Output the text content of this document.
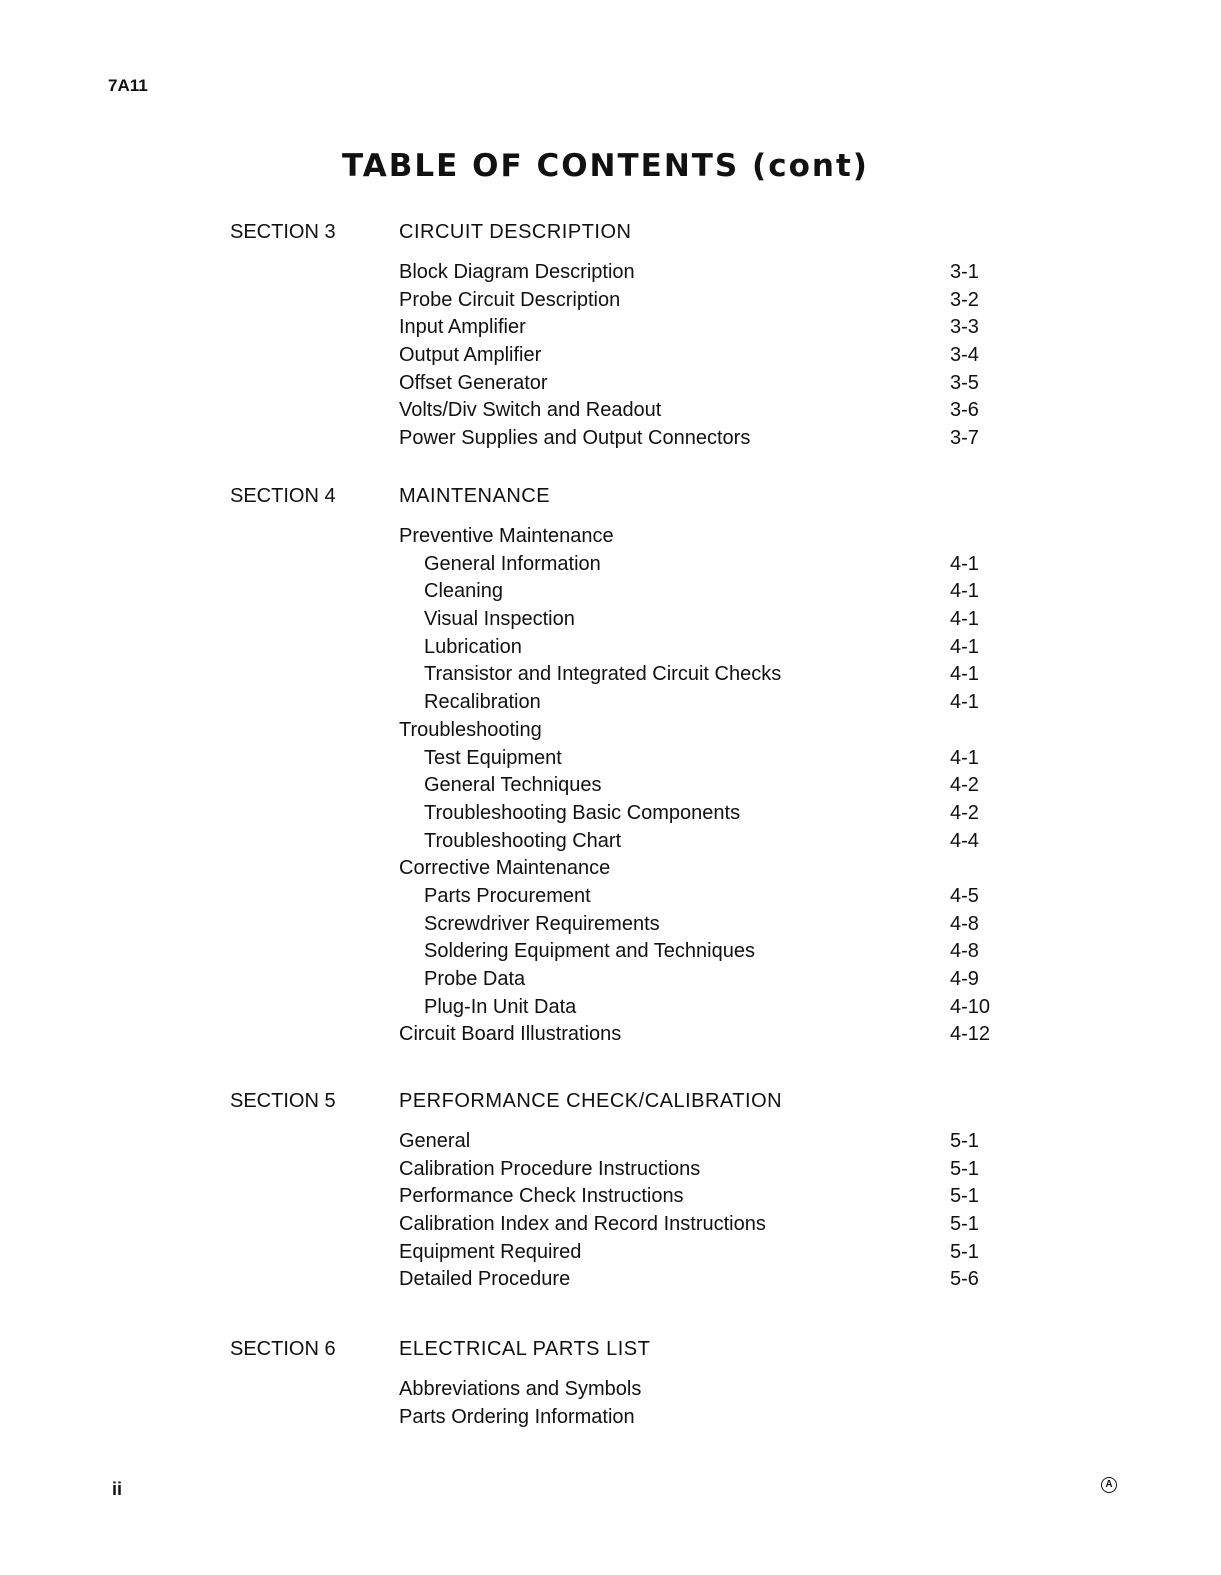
7A11
TABLE OF CONTENTS (cont)
SECTION 3	CIRCUIT DESCRIPTION
Block Diagram Description	3-1
Probe Circuit Description	3-2
Input Amplifier	3-3
Output Amplifier	3-4
Offset Generator	3-5
Volts/Div Switch and Readout	3-6
Power Supplies and Output Connectors	3-7
SECTION 4	MAINTENANCE
Preventive Maintenance
General Information	4-1
Cleaning	4-1
Visual Inspection	4-1
Lubrication	4-1
Transistor and Integrated Circuit Checks	4-1
Recalibration	4-1
Troubleshooting
Test Equipment	4-1
General Techniques	4-2
Troubleshooting Basic Components	4-2
Troubleshooting Chart	4-4
Corrective Maintenance
Parts Procurement	4-5
Screwdriver Requirements	4-8
Soldering Equipment and Techniques	4-8
Probe Data	4-9
Plug-In Unit Data	4-10
Circuit Board Illustrations	4-12
SECTION 5	PERFORMANCE CHECK/CALIBRATION
General	5-1
Calibration Procedure Instructions	5-1
Performance Check Instructions	5-1
Calibration Index and Record Instructions	5-1
Equipment Required	5-1
Detailed Procedure	5-6
SECTION 6	ELECTRICAL PARTS LIST
Abbreviations and Symbols
Parts Ordering Information
ii	A
